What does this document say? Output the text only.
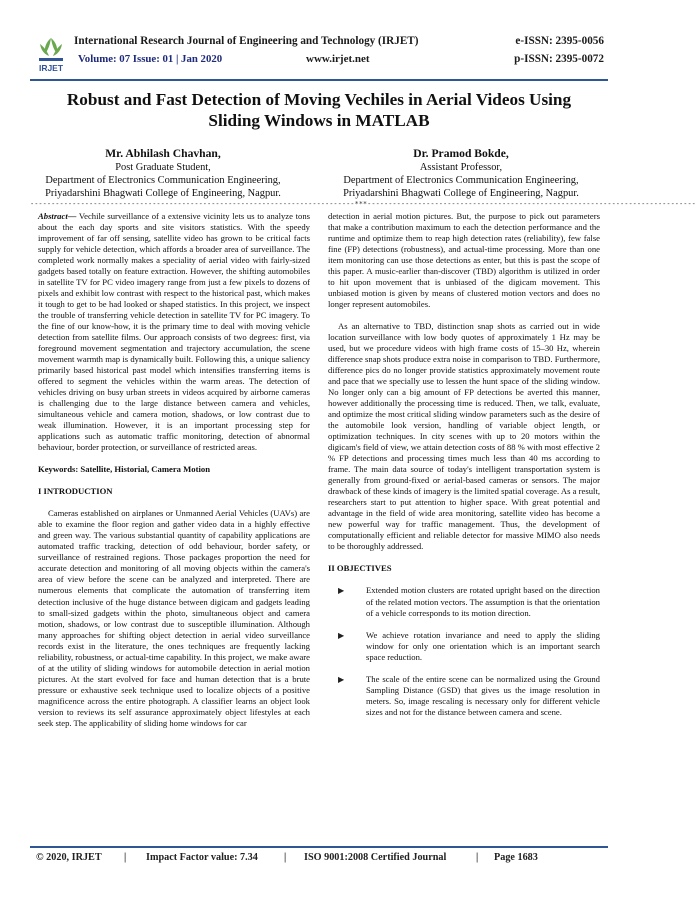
IRJET
International Research Journal of Engineering and Technology (IRJET)
Volume: 07 Issue: 01 | Jan 2020	www.irjet.net
e-ISSN: 2395-0056
p-ISSN: 2395-0072
Robust and Fast Detection of Moving Vechiles in Aerial Videos Using Sliding Windows in MATLAB
Mr. Abhilash Chavhan,
Post Graduate Student,
Department of Electronics Communication Engineering,
Priyadarshini Bhagwati College of Engineering, Nagpur.
Dr. Pramod Bokde,
Assistant Professor,
Department of Electronics Communication Engineering,
Priyadarshini Bhagwati College of Engineering, Nagpur.
-----------------------------------------------------------------------------***------------------------------------------------------------------------------

Abstract— Vechile surveillance of a extensive vicinity lets us to analyze tons about the each day sports and site visitors statistics. With the speedy improvement of far off sensing, satellite video has grown to be critical facts supply for vehicle detection, which affords a broader area of surveillance. The completed work normally makes a speciality of aerial video with fairly-sized gadgets based totally on feature extraction. However, the shifting automobiles in satellite TV for PC video imagery range from just a few pixels to dozens of pixels and exhibit low contrast with respect to the historical past, which makes it tough to get to be had looked or shaped statistics. In this project, we inspect the trouble of transferring vehicle detection in satellite TV for PC imagery. To the fine of our know-how, it is the primary time to deal with moving vehicle detection from satellite films. Our approach consists of two degrees: first, via foreground movement segmentation and trajectory accumulation, the scene movement warmth map is dynamically built. Following this, a unique saliency primarily based historical past model which intensifies transferring items is offered to segment the vehicles within the warm areas. The detection of vehicles driving on busy urban streets in videos acquired by airborne cameras is challenging due to the large distance between camera and vehicles, simultaneous vehicle and camera motion, shadows, or low contrast due to weak illumination. However, it is an important processing step for applications such as automatic traffic monitoring, detection of abnormal behaviour, border protection, or surveillance of restricted areas.

Keywords: Satellite, Historial, Camera Motion
I INTRODUCTION

Cameras established on airplanes or Unmanned Aerial Vehicles (UAVs) are able to examine the floor region and gather video data in a highly effective and green way. The various substantial quantity of capability applications are automated traffic tracking, detection of odd behaviour, border safety, or surveillance of restrained regions. Those packages proportion the need for accurate detection and monitoring of all moving objects within the camera's area of view before the scene can be analyzed and interpreted. There are numerous elements that complicate the automation of transferring item detection inclusive of the huge distance between digicam and gadgets leading to small-sized gadgets within the photo, simultaneous object and camera motion, shadows, or low contrast due to susceptible illumination. Although many approaches for shifting object detection in aerial video surveillance records exist in the literature, the ones techniques are frequently lacking reliability, robustness, or actual-time capability. In this project, we make aware of at the utility of sliding windows for automobile detection in aerial motion pictures. At the start evolved for face and human detection that is a brute pressure or exhaustive seek technique used to localize objects of a positive magnificence across the entire photograph. A classifier learns an object look version to reviews its self assurance approximately object lifestyles at each seek step. The applicability of sliding home windows for car

detection in aerial motion pictures. But, the purpose to pick out parameters that make a contribution maximum to each the detection performance and the runtime and optimize them to reap high detection rates (reliability), few false fine (FP) detections (robustness), and actual-time processing. More than one item monitoring can use those detections as enter, but this is past the scope of this paper. A music-earlier than-discover (TBD) algorithm is utilized in order to hit upon movement that is unbiased of the digicam movement. This unbiased motion is given by means of clustered motion vectors and does no longer represent automobiles.

As an alternative to TBD, distinction snap shots as carried out in wide location surveillance with low body quotes of approximately 1 Hz may be used, but we procedure videos with high frame costs of 15–30 Hz, wherein difference snap shots produce extra noise in comparison to TBD. Furthermore, difference pics do no longer provide statistics approximately movement route and pace that we specially use to lessen the hunt space of the sliding window. No longer only can a big amount of FP detections be averted this manner, however additionally the processing time is reduced. Then, we talk, evaluate, and optimize the most critical sliding window parameters such as the desire of the automobile look version, handling of variable object length, or optimization techniques. In city scenes with up to 20 motors within the digicam's field of view, we attain detection costs of 88 % with most effective 2 % FP detections and processing times much less than 40 ms according to frame. The main data source of today's intelligent transportation system is generally from ground-fixed or aerial-based cameras or sensors. The major drawback of these kinds of imagery is the limited spatial coverage. As a result, researchers start to put attention to higher space. With great potential and advantage in the field of wide area monitoring, satellite video has become a new powerful way for traffic management. Thus, the development of computationally efficient and reliable detector for massive MIMO also needs to be thoroughly addressed.

II OBJECTIVES
▶	Extended motion clusters are rotated upright based on the direction of the related motion vectors. The assumption is that the orientation of a vehicle corresponds to its motion direction.
▶	We achieve rotation invariance and need to apply the sliding window for only one orientation which is an important search space reduction.
▶	The scale of the entire scene can be normalized using the Ground Sampling Distance (GSD) that gives us the image resolution in meters. So, image rescaling is necessary only for different vehicle sizes and not for the distance between camera and scene.
© 2020, IRJET | Impact Factor value: 7.34	| ISO 9001:2008 Certified Journal	| Page 1683
